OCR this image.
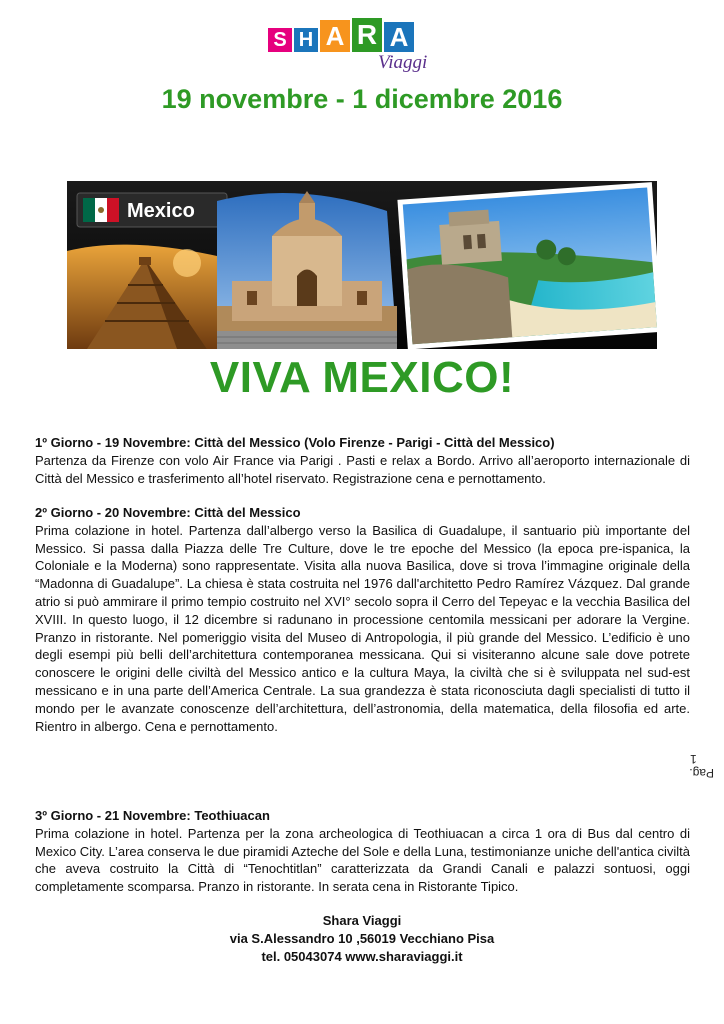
S H A R A
Viaggi
19 novembre - 1 dicembre 2016
Mexico
VIVA MEXICO!
1º Giorno - 19 Novembre: Città del Messico (Volo Firenze - Parigi - Città del Messico)

Partenza da Firenze con volo Air France via Parigi . Pasti e relax a Bordo. Arrivo all’aeroporto internazionale di Città del Messico e trasferimento all’hotel riservato. Registrazione cena e pernottamento.

2º Giorno - 20 Novembre: Città del Messico

Prima colazione in hotel. Partenza dall’albergo verso la Basilica di Guadalupe, il santuario più importante del Messico. Si passa dalla Piazza delle Tre Culture, dove le tre epoche del Messico (la epoca pre-ispanica, la Coloniale e la Moderna) sono rappresentate. Visita alla nuova Basilica, dove si trova l’immagine originale della “Madonna di Guadalupe”. La chiesa è stata costruita nel 1976 dall'architetto Pedro Ramírez Vázquez. Dal grande atrio si può ammirare il primo tempio costruito nel XVI° secolo sopra il Cerro del Tepeyac e la vecchia Basilica del XVIII. In questo luogo, il 12 dicembre si radunano in processione centomila messicani per adorare la Vergine. Pranzo in ristorante. Nel pomeriggio visita del Museo di Antropologia, il più grande del Messico. L’edificio è uno degli esempi più belli dell’architettura contemporanea messicana. Qui si visiteranno alcune sale dove potrete conoscere le origini delle civiltà del Messico antico e la cultura Maya, la civiltà che si è sviluppata nel sud-est messicano e in una parte dell’America Centrale. La sua grandezza è stata riconosciuta dagli specialisti di tutto il mondo per le avanzate conoscenze dell’architettura, dell’astronomia, della matematica, della filosofia ed arte. Rientro in albergo. Cena e pernottamento.

Pag.
1
3º Giorno - 21 Novembre: Teothiuacan

Prima colazione in hotel. Partenza per la zona archeologica di Teothiuacan a circa 1 ora di Bus dal centro di Mexico City. L’area conserva le due piramidi Azteche del Sole e della Luna, testimonianze uniche dell'antica civiltà che aveva costruito la Città di “Tenochtitlan” caratterizzata da Grandi Canali e palazzi sontuosi, oggi completamente scomparsa. Pranzo in ristorante. In serata cena in Ristorante Tipico.

Shara Viaggi
via S.Alessandro 10 ,56019 Vecchiano Pisa
tel. 05043074 www.sharaviaggi.it
